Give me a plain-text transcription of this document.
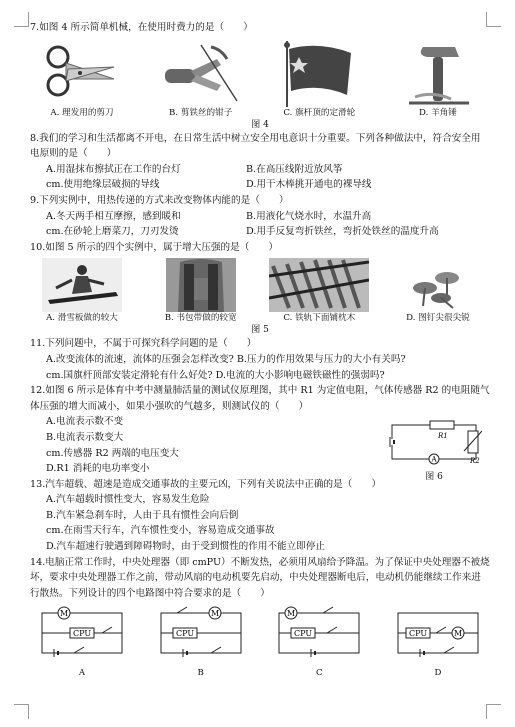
7.如图 4 所示简单机械，在使用时费力的是（　　）

A. 理发用的剪刀	B. 剪铁丝的钳子	C. 旗杆顶的定滑轮	D. 羊角锤
图 4

8.我们的学习和生活都离不开电，在日常生活中树立安全用电意识十分重要。下列各种做法中，符合安全用电原则的是（　　）

A.用湿抹布擦拭正在工作的台灯	B.在高压线附近放风筝
cm.使用绝缘层破损的导线	D.用干木棒挑开通电的裸导线

9.下列实例中，用热传递的方式来改变物体内能的是（　　）

A.冬天两手相互摩擦，感到暖和	B.用液化气烧水时，水温升高
cm.在砂轮上磨菜刀，刀刃发烫	D.用手反复弯折铁丝，弯折处铁丝的温度升高

10.如图 5 所示的四个实例中，属于增大压强的是（　　）

A. 滑雪板做的较大	B. 书包带做的较宽	C. 铁轨下面铺枕木	D. 图钉尖很尖锐
图 5

11.下列问题中，不属于可探究科学问题的是（　　）

A.改变流体的流速，流体的压强会怎样改变? B.压力的作用效果与压力的大小有关吗?
cm.国旗杆顶部安装定滑轮有什么好处? D.电流的大小影响电磁铁磁性的强弱吗?

12.如图 6 所示是体育中考中测量肺活量的测试仪原理图，其中 R1 为定值电阻，气体传感器 R2 的电阻随气体压强的增大而减小，如果小强吹的气越多，则测试仪的（　　）

A.电流表示数不变
B.电流表示数变大
cm.传感器 R2 两端的电压变大
D.R1 消耗的电功率变小
R1
R2
A
图 6

13.汽车超载、超速是造成交通事故的主要元凶，下列有关说法中正确的是（　　）

A.汽车超载时惯性变大，容易发生危险
B.汽车紧急刹车时，人由于具有惯性会向后倒
cm.在雨雪天行车，汽车惯性变小，容易造成交通事故
D.汽车超速行驶遇到障碍物时，由于受到惯性的作用不能立即停止

14.电脑正常工作时，中央处理器（即 cmPU）不断发热，必须用风扇给予降温。为了保证中央处理器不被烧坏，要求中央处理器工作之前，带动风扇的电动机要先启动，中央处理器断电后，电动机仍能继续工作来进行散热。下列设计的四个电路图中符合要求的是（　　）

M
CPU
A
M
CPU
B
M
CPU
C
CPU	M
D
